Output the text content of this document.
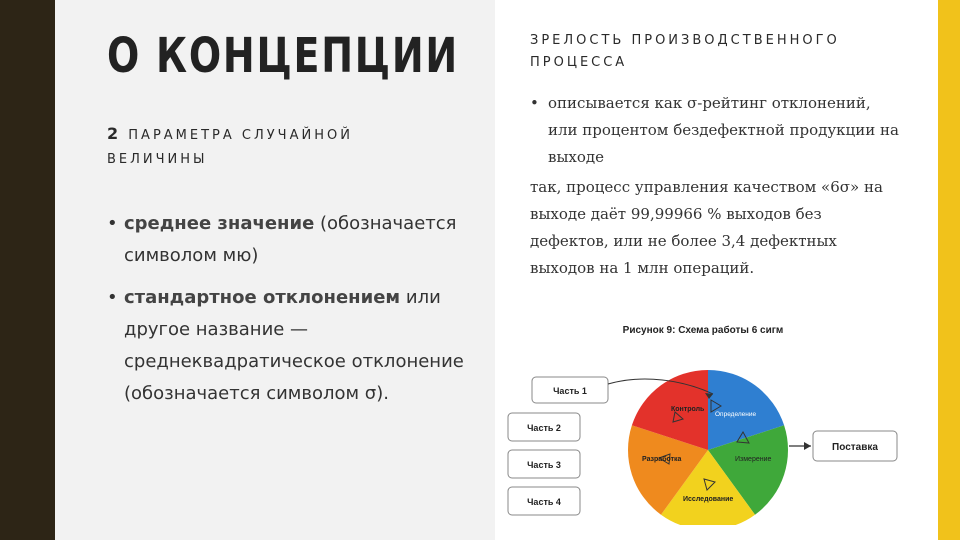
О КОНЦЕПЦИИ
2 ПАРАМЕТРА СЛУЧАЙНОЙ ВЕЛИЧИНЫ
• среднее значение (обозначается символом мю)
• стандартное отклонением или другое название — среднеквадратическое отклонение (обозначается символом σ).
ЗРЕЛОСТЬ ПРОИЗВОДСТВЕННОГО ПРОЦЕССА
• описывается как σ-рейтинг отклонений, или процентом бездефектной продукции на выходе

так, процесс управления качеством «6σ» на выходе даёт 99,99966 % выходов без дефектов, или не более 3,4 дефектных выходов на 1 млн операций.

Рисунок 9: Схема работы 6 сигм
Контроль
Определение
Измерение
Исследование
Разработка
Часть 1
Часть 2
Часть 3
Часть 4
Поставка
